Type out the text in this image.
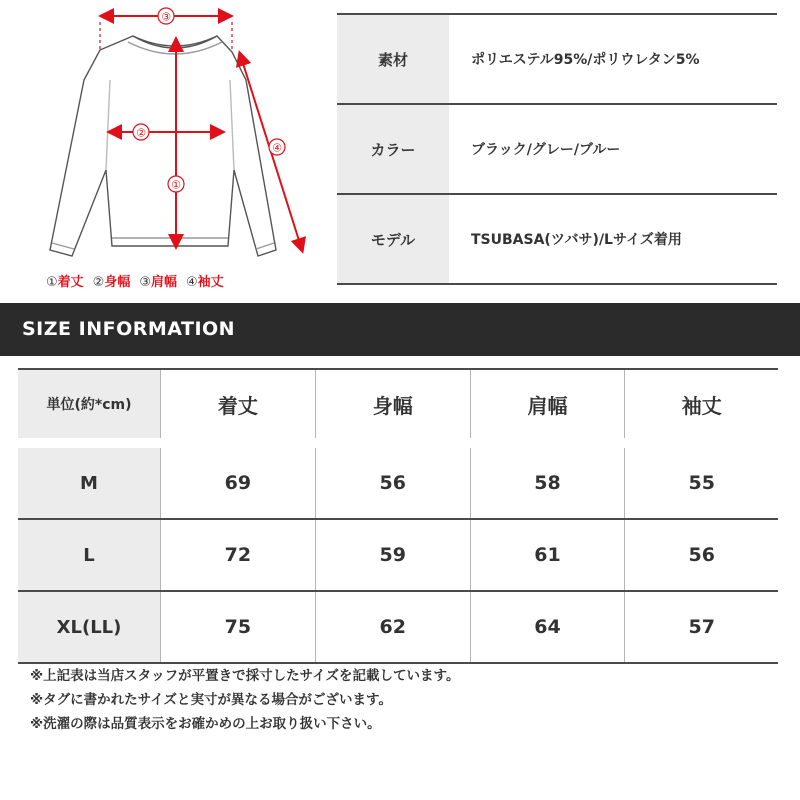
③
②
①
④
①着丈 ②身幅 ③肩幅 ④袖丈
素材	ポリエステル95%/ポリウレタン5%
カラー	ブラック/グレー/ブルー
モデル	TSUBASA(ツバサ)/Lサイズ着用
SIZE INFORMATION
単位(約*cm)	着丈	身幅	肩幅	袖丈
M	69	56	58	55
L	72	59	61	56
XL(LL)	75	62	64	57
※上記表は当店スタッフが平置きで採寸したサイズを記載しています。
※タグに書かれたサイズと実寸が異なる場合がございます。
※洗濯の際は品質表示をお確かめの上お取り扱い下さい。
